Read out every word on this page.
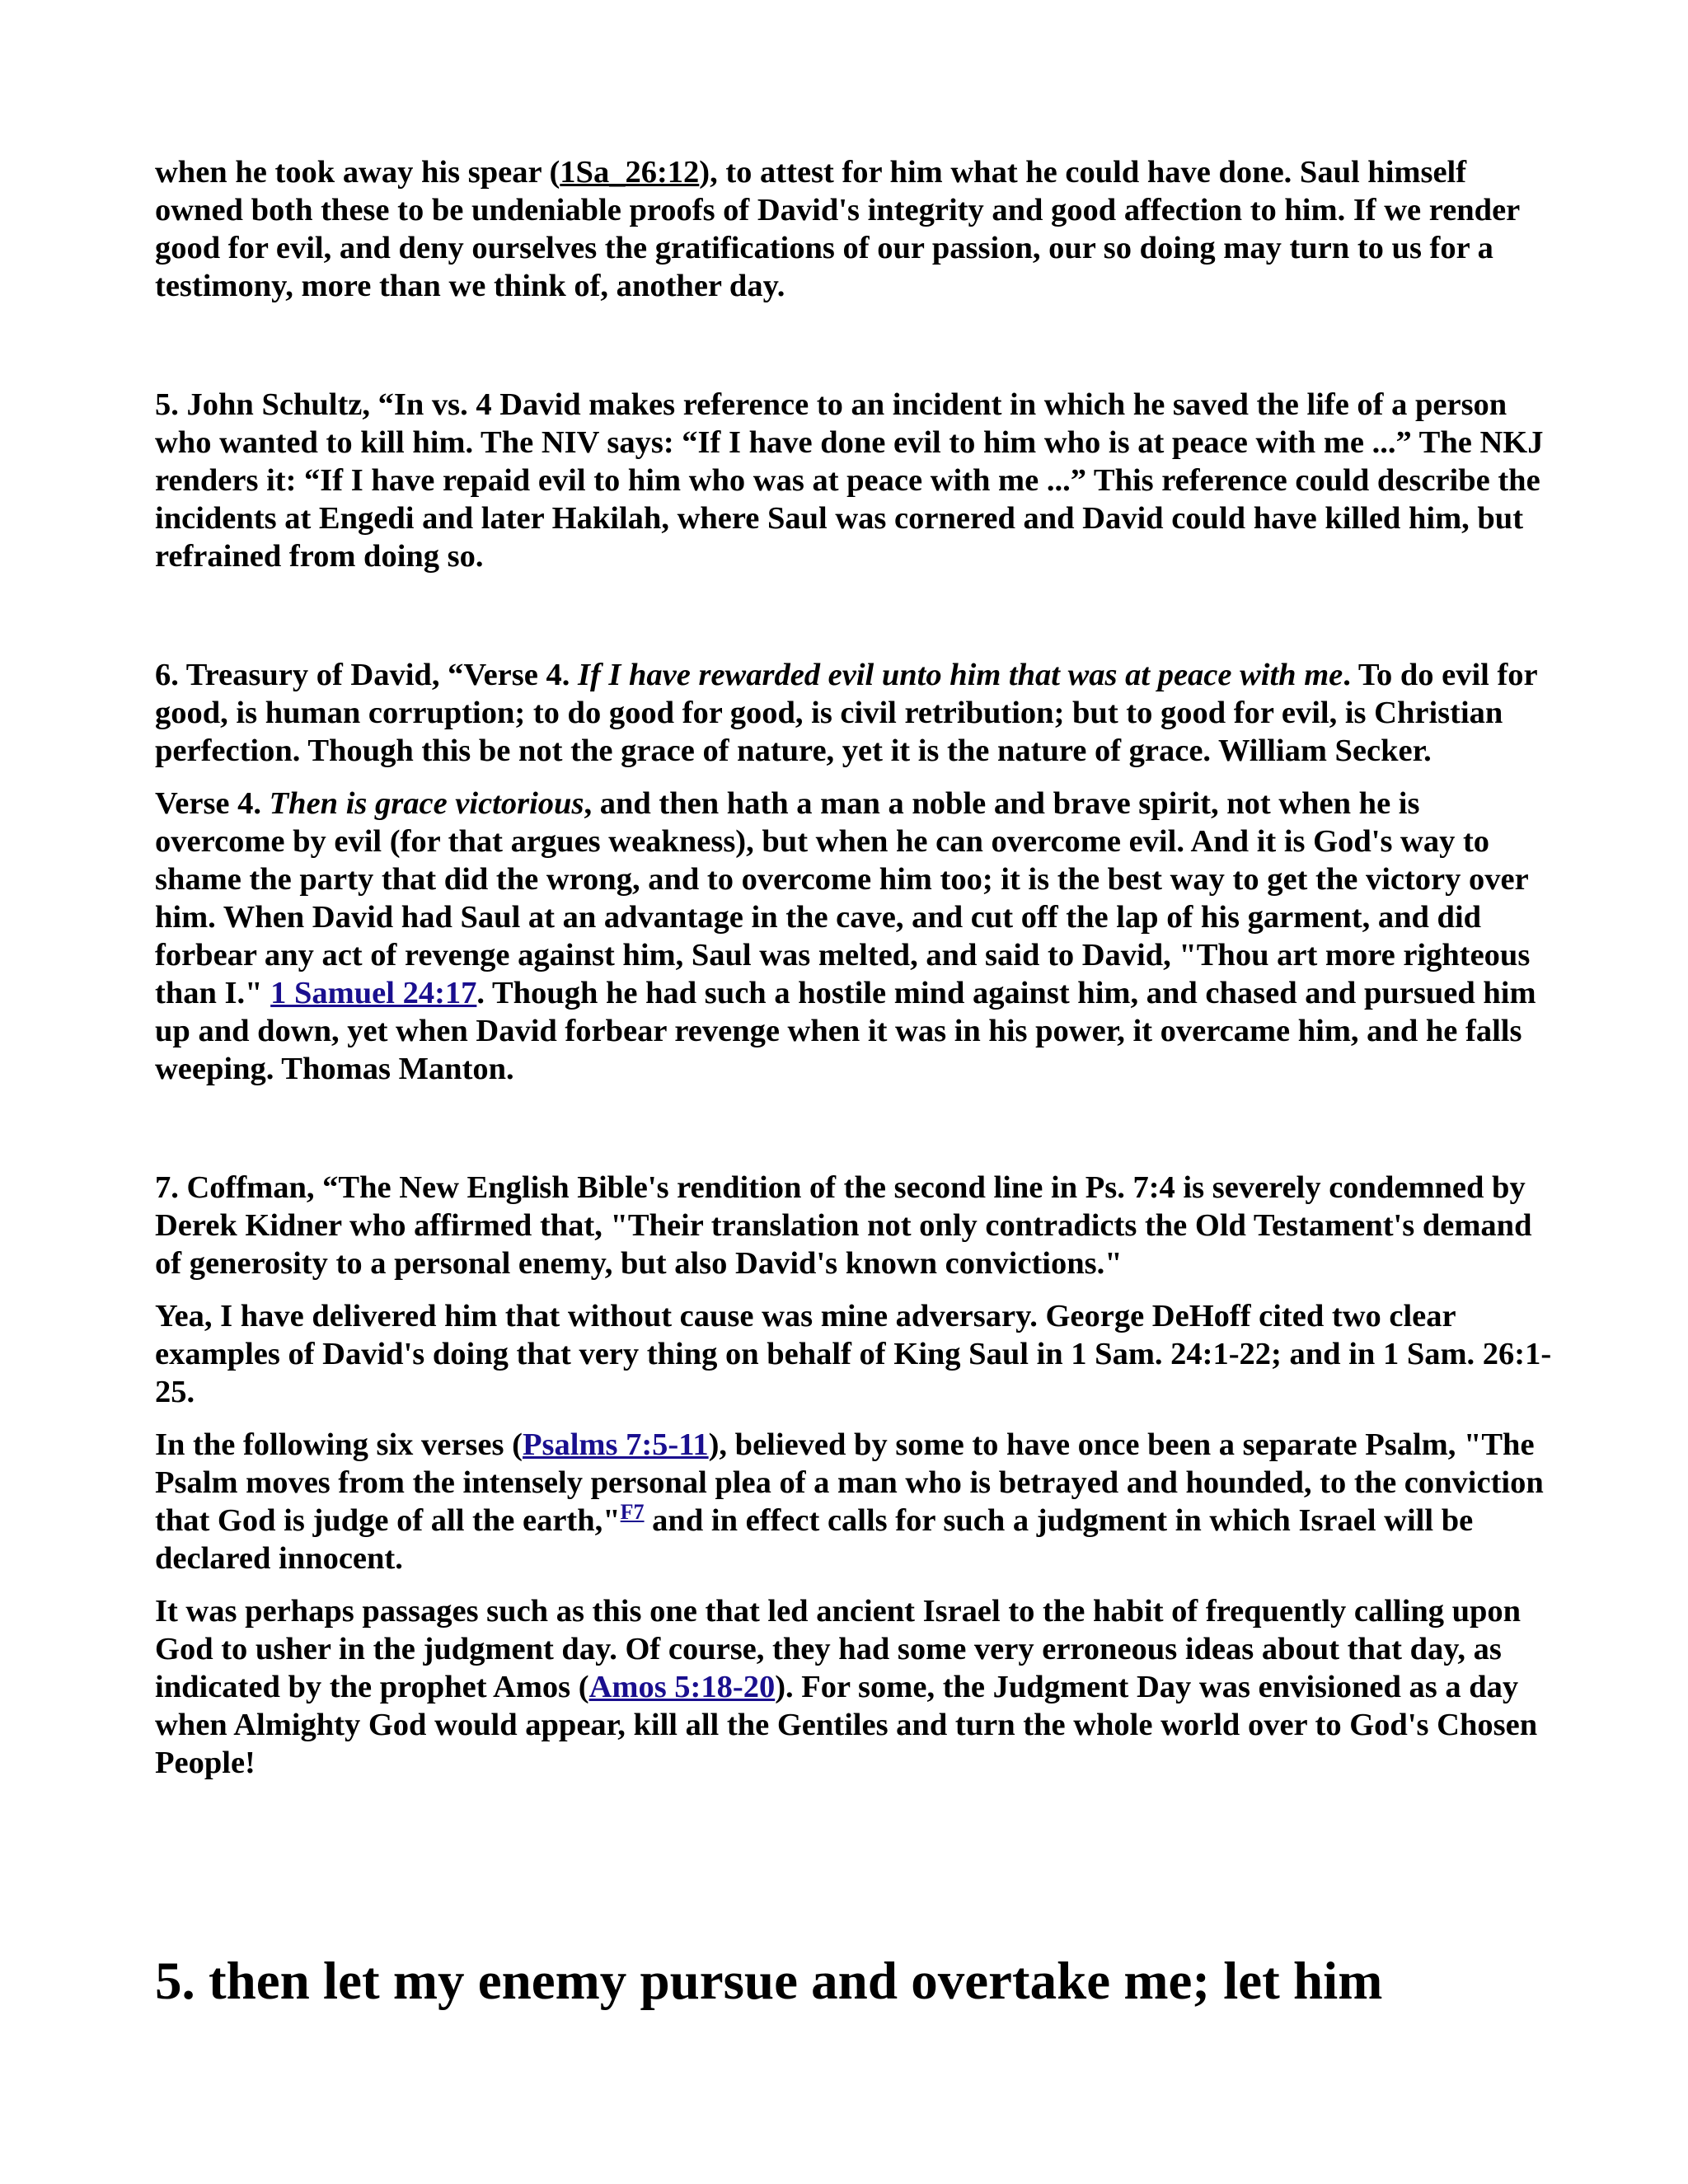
when he took away his spear (1Sa_26:12), to attest for him what he could have done. Saul himself owned both these to be undeniable proofs of David's integrity and good affection to him. If we render good for evil, and deny ourselves the gratifications of our passion, our so doing may turn to us for a testimony, more than we think of, another day.

5. John Schultz, “In vs. 4 David makes reference to an incident in which he saved the life of a person who wanted to kill him. The NIV says: “If I have done evil to him who is at peace with me ...” The NKJ renders it: “If I have repaid evil to him who was at peace with me ...” This reference could describe the incidents at Engedi and later Hakilah, where Saul was cornered and David could have killed him, but refrained from doing so.

6. Treasury of David, “Verse 4. If I have rewarded evil unto him that was at peace with me. To do evil for good, is human corruption; to do good for good, is civil retribution; but to good for evil, is Christian perfection. Though this be not the grace of nature, yet it is the nature of grace. William Secker.

Verse 4. Then is grace victorious, and then hath a man a noble and brave spirit, not when he is overcome by evil (for that argues weakness), but when he can overcome evil. And it is God's way to shame the party that did the wrong, and to overcome him too; it is the best way to get the victory over him. When David had Saul at an advantage in the cave, and cut off the lap of his garment, and did forbear any act of revenge against him, Saul was melted, and said to David, "Thou art more righteous than I." 1 Samuel 24:17. Though he had such a hostile mind against him, and chased and pursued him up and down, yet when David forbear revenge when it was in his power, it overcame him, and he falls weeping. Thomas Manton.

7. Coffman, “The New English Bible's rendition of the second line in Ps. 7:4 is severely condemned by Derek Kidner who affirmed that, "Their translation not only contradicts the Old Testament's demand of generosity to a personal enemy, but also David's known convictions."

Yea, I have delivered him that without cause was mine adversary. George DeHoff cited two clear examples of David's doing that very thing on behalf of King Saul in 1 Sam. 24:1-22; and in 1 Sam. 26:1-25.

In the following six verses (Psalms 7:5-11), believed by some to have once been a separate Psalm, "The Psalm moves from the intensely personal plea of a man who is betrayed and hounded, to the conviction that God is judge of all the earth,"$^{F7}$ and in effect calls for such a judgment in which Israel will be declared innocent.

It was perhaps passages such as this one that led ancient Israel to the habit of frequently calling upon God to usher in the judgment day. Of course, they had some very erroneous ideas about that day, as indicated by the prophet Amos (Amos 5:18-20). For some, the Judgment Day was envisioned as a day when Almighty God would appear, kill all the Gentiles and turn the whole world over to God's Chosen People!

5. then let my enemy pursue and overtake me; let him
